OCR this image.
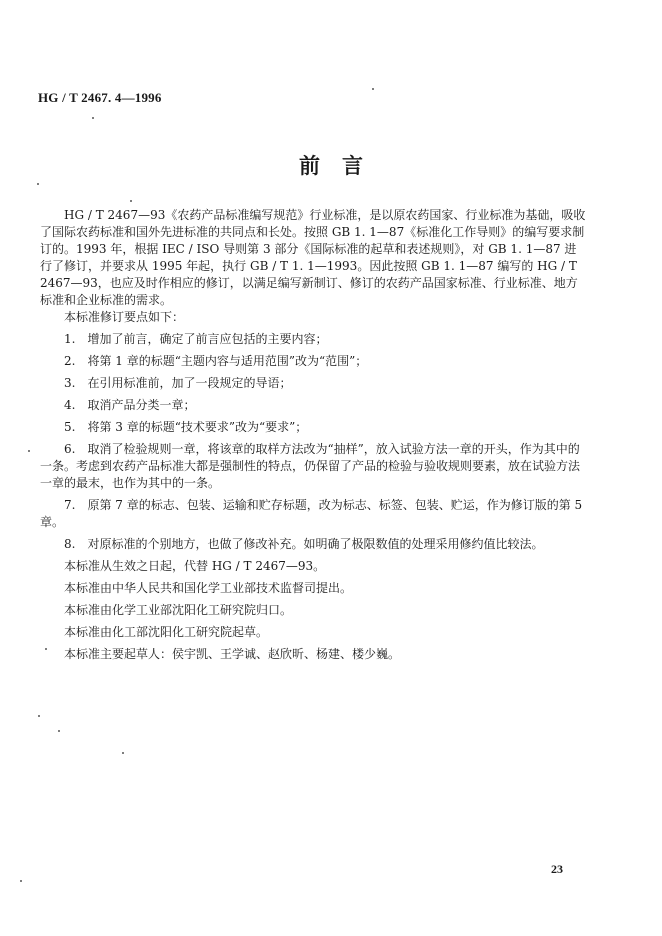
HG / T 2467. 4—1996
前言

HG / T 2467—93《农药产品标准编写规范》行业标准，是以原农药国家、行业标准为基础，吸收了国际农药标准和国外先进标准的共同点和长处。按照 GB 1. 1—87《标准化工作导则》的编写要求制订的。1993 年，根据 IEC / ISO 导则第 3 部分《国际标准的起草和表述规则》，对 GB 1. 1—87 进行了修订，并要求从 1995 年起，执行 GB / T 1. 1—1993。因此按照 GB 1. 1—87 编写的 HG / T 2467—93，也应及时作相应的修订，以满足编写新制订、修订的农药产品国家标准、行业标准、地方标准和企业标准的需求。

本标准修订要点如下：

1.　增加了前言，确定了前言应包括的主要内容；

2.　将第 1 章的标题“主题内容与适用范围”改为“范围”；

3.　在引用标准前，加了一段规定的导语；

4.　取消产品分类一章；

5.　将第 3 章的标题“技术要求”改为“要求”；

6.　取消了检验规则一章，将该章的取样方法改为“抽样”，放入试验方法一章的开头，作为其中的一条。考虑到农药产品标准大都是强制性的特点，仍保留了产品的检验与验收规则要素，放在试验方法一章的最末，也作为其中的一条。

7.　原第 7 章的标志、包装、运输和贮存标题，改为标志、标签、包装、贮运，作为修订版的第 5 章。

8.　对原标准的个别地方，也做了修改补充。如明确了极限数值的处理采用修约值比较法。

本标准从生效之日起，代替 HG / T 2467—93。

本标准由中华人民共和国化学工业部技术监督司提出。

本标准由化学工业部沈阳化工研究院归口。

本标准由化工部沈阳化工研究院起草。

本标准主要起草人：侯宇凯、王学诚、赵欣昕、杨建、楼少巍。

23
